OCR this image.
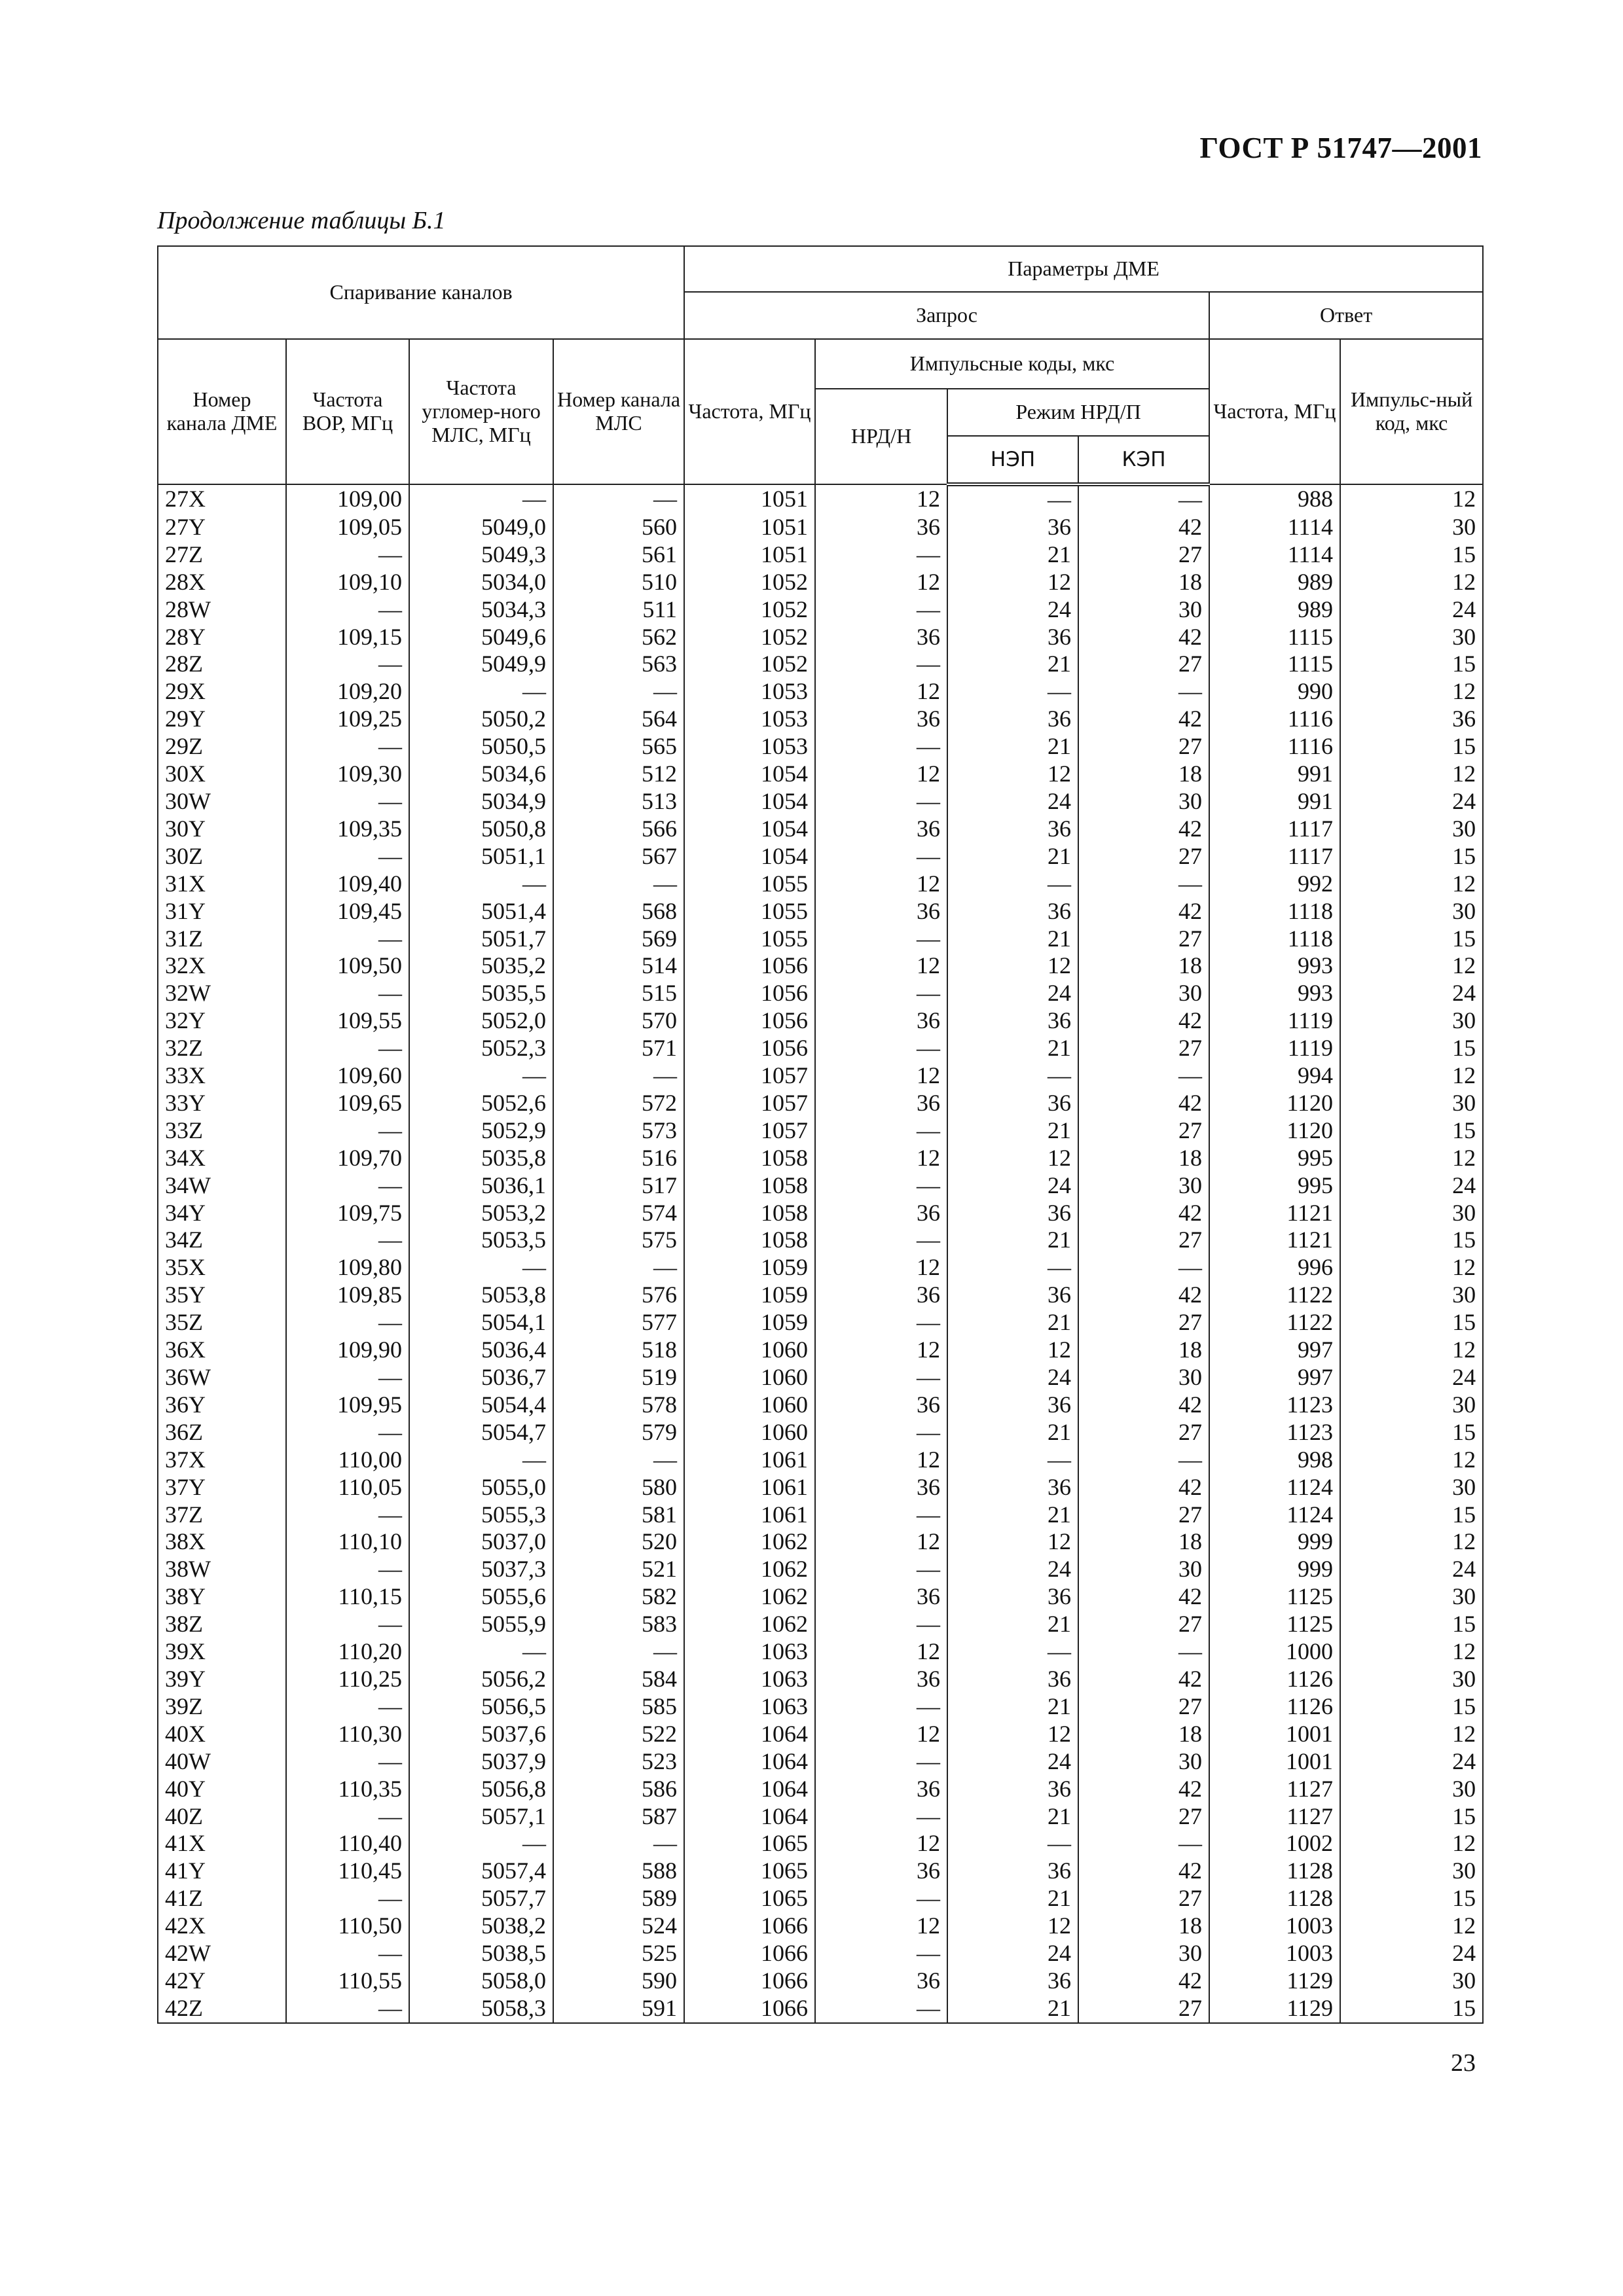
ГОСТ Р 51747—2001
Продолжение таблицы Б.1
Спаривание каналов				Параметры ДМЕ					
				Запрос				Ответ	
Номер канала ДМЕ	Частота ВОР, МГц	Частота угломер-ного МЛС, МГц	Номер канала МЛС	Частота, МГц	Импульсные коды, мкс			Частота, МГц	Импульс-ный код, мкс
					НРД/Н	Режим НРД/П			
						НЭП	КЭП		
27X	109,00	—	—	1051	12	—	—	988	12
27Y	109,05	5049,0	560	1051	36	36	42	1114	30
27Z	—	5049,3	561	1051	—	21	27	1114	15
28X	109,10	5034,0	510	1052	12	12	18	989	12
28W	—	5034,3	511	1052	—	24	30	989	24
28Y	109,15	5049,6	562	1052	36	36	42	1115	30
28Z	—	5049,9	563	1052	—	21	27	1115	15
29X	109,20	—	—	1053	12	—	—	990	12
29Y	109,25	5050,2	564	1053	36	36	42	1116	36
29Z	—	5050,5	565	1053	—	21	27	1116	15
30X	109,30	5034,6	512	1054	12	12	18	991	12
30W	—	5034,9	513	1054	—	24	30	991	24
30Y	109,35	5050,8	566	1054	36	36	42	1117	30
30Z	—	5051,1	567	1054	—	21	27	1117	15
31X	109,40	—	—	1055	12	—	—	992	12
31Y	109,45	5051,4	568	1055	36	36	42	1118	30
31Z	—	5051,7	569	1055	—	21	27	1118	15
32X	109,50	5035,2	514	1056	12	12	18	993	12
32W	—	5035,5	515	1056	—	24	30	993	24
32Y	109,55	5052,0	570	1056	36	36	42	1119	30
32Z	—	5052,3	571	1056	—	21	27	1119	15
33X	109,60	—	—	1057	12	—	—	994	12
33Y	109,65	5052,6	572	1057	36	36	42	1120	30
33Z	—	5052,9	573	1057	—	21	27	1120	15
34X	109,70	5035,8	516	1058	12	12	18	995	12
34W	—	5036,1	517	1058	—	24	30	995	24
34Y	109,75	5053,2	574	1058	36	36	42	1121	30
34Z	—	5053,5	575	1058	—	21	27	1121	15
35X	109,80	—	—	1059	12	—	—	996	12
35Y	109,85	5053,8	576	1059	36	36	42	1122	30
35Z	—	5054,1	577	1059	—	21	27	1122	15
36X	109,90	5036,4	518	1060	12	12	18	997	12
36W	—	5036,7	519	1060	—	24	30	997	24
36Y	109,95	5054,4	578	1060	36	36	42	1123	30
36Z	—	5054,7	579	1060	—	21	27	1123	15
37X	110,00	—	—	1061	12	—	—	998	12
37Y	110,05	5055,0	580	1061	36	36	42	1124	30
37Z	—	5055,3	581	1061	—	21	27	1124	15
38X	110,10	5037,0	520	1062	12	12	18	999	12
38W	—	5037,3	521	1062	—	24	30	999	24
38Y	110,15	5055,6	582	1062	36	36	42	1125	30
38Z	—	5055,9	583	1062	—	21	27	1125	15
39X	110,20	—	—	1063	12	—	—	1000	12
39Y	110,25	5056,2	584	1063	36	36	42	1126	30
39Z	—	5056,5	585	1063	—	21	27	1126	15
40X	110,30	5037,6	522	1064	12	12	18	1001	12
40W	—	5037,9	523	1064	—	24	30	1001	24
40Y	110,35	5056,8	586	1064	36	36	42	1127	30
40Z	—	5057,1	587	1064	—	21	27	1127	15
41X	110,40	—	—	1065	12	—	—	1002	12
41Y	110,45	5057,4	588	1065	36	36	42	1128	30
41Z	—	5057,7	589	1065	—	21	27	1128	15
42X	110,50	5038,2	524	1066	12	12	18	1003	12
42W	—	5038,5	525	1066	—	24	30	1003	24
42Y	110,55	5058,0	590	1066	36	36	42	1129	30
42Z	—	5058,3	591	1066	—	21	27	1129	15
23
